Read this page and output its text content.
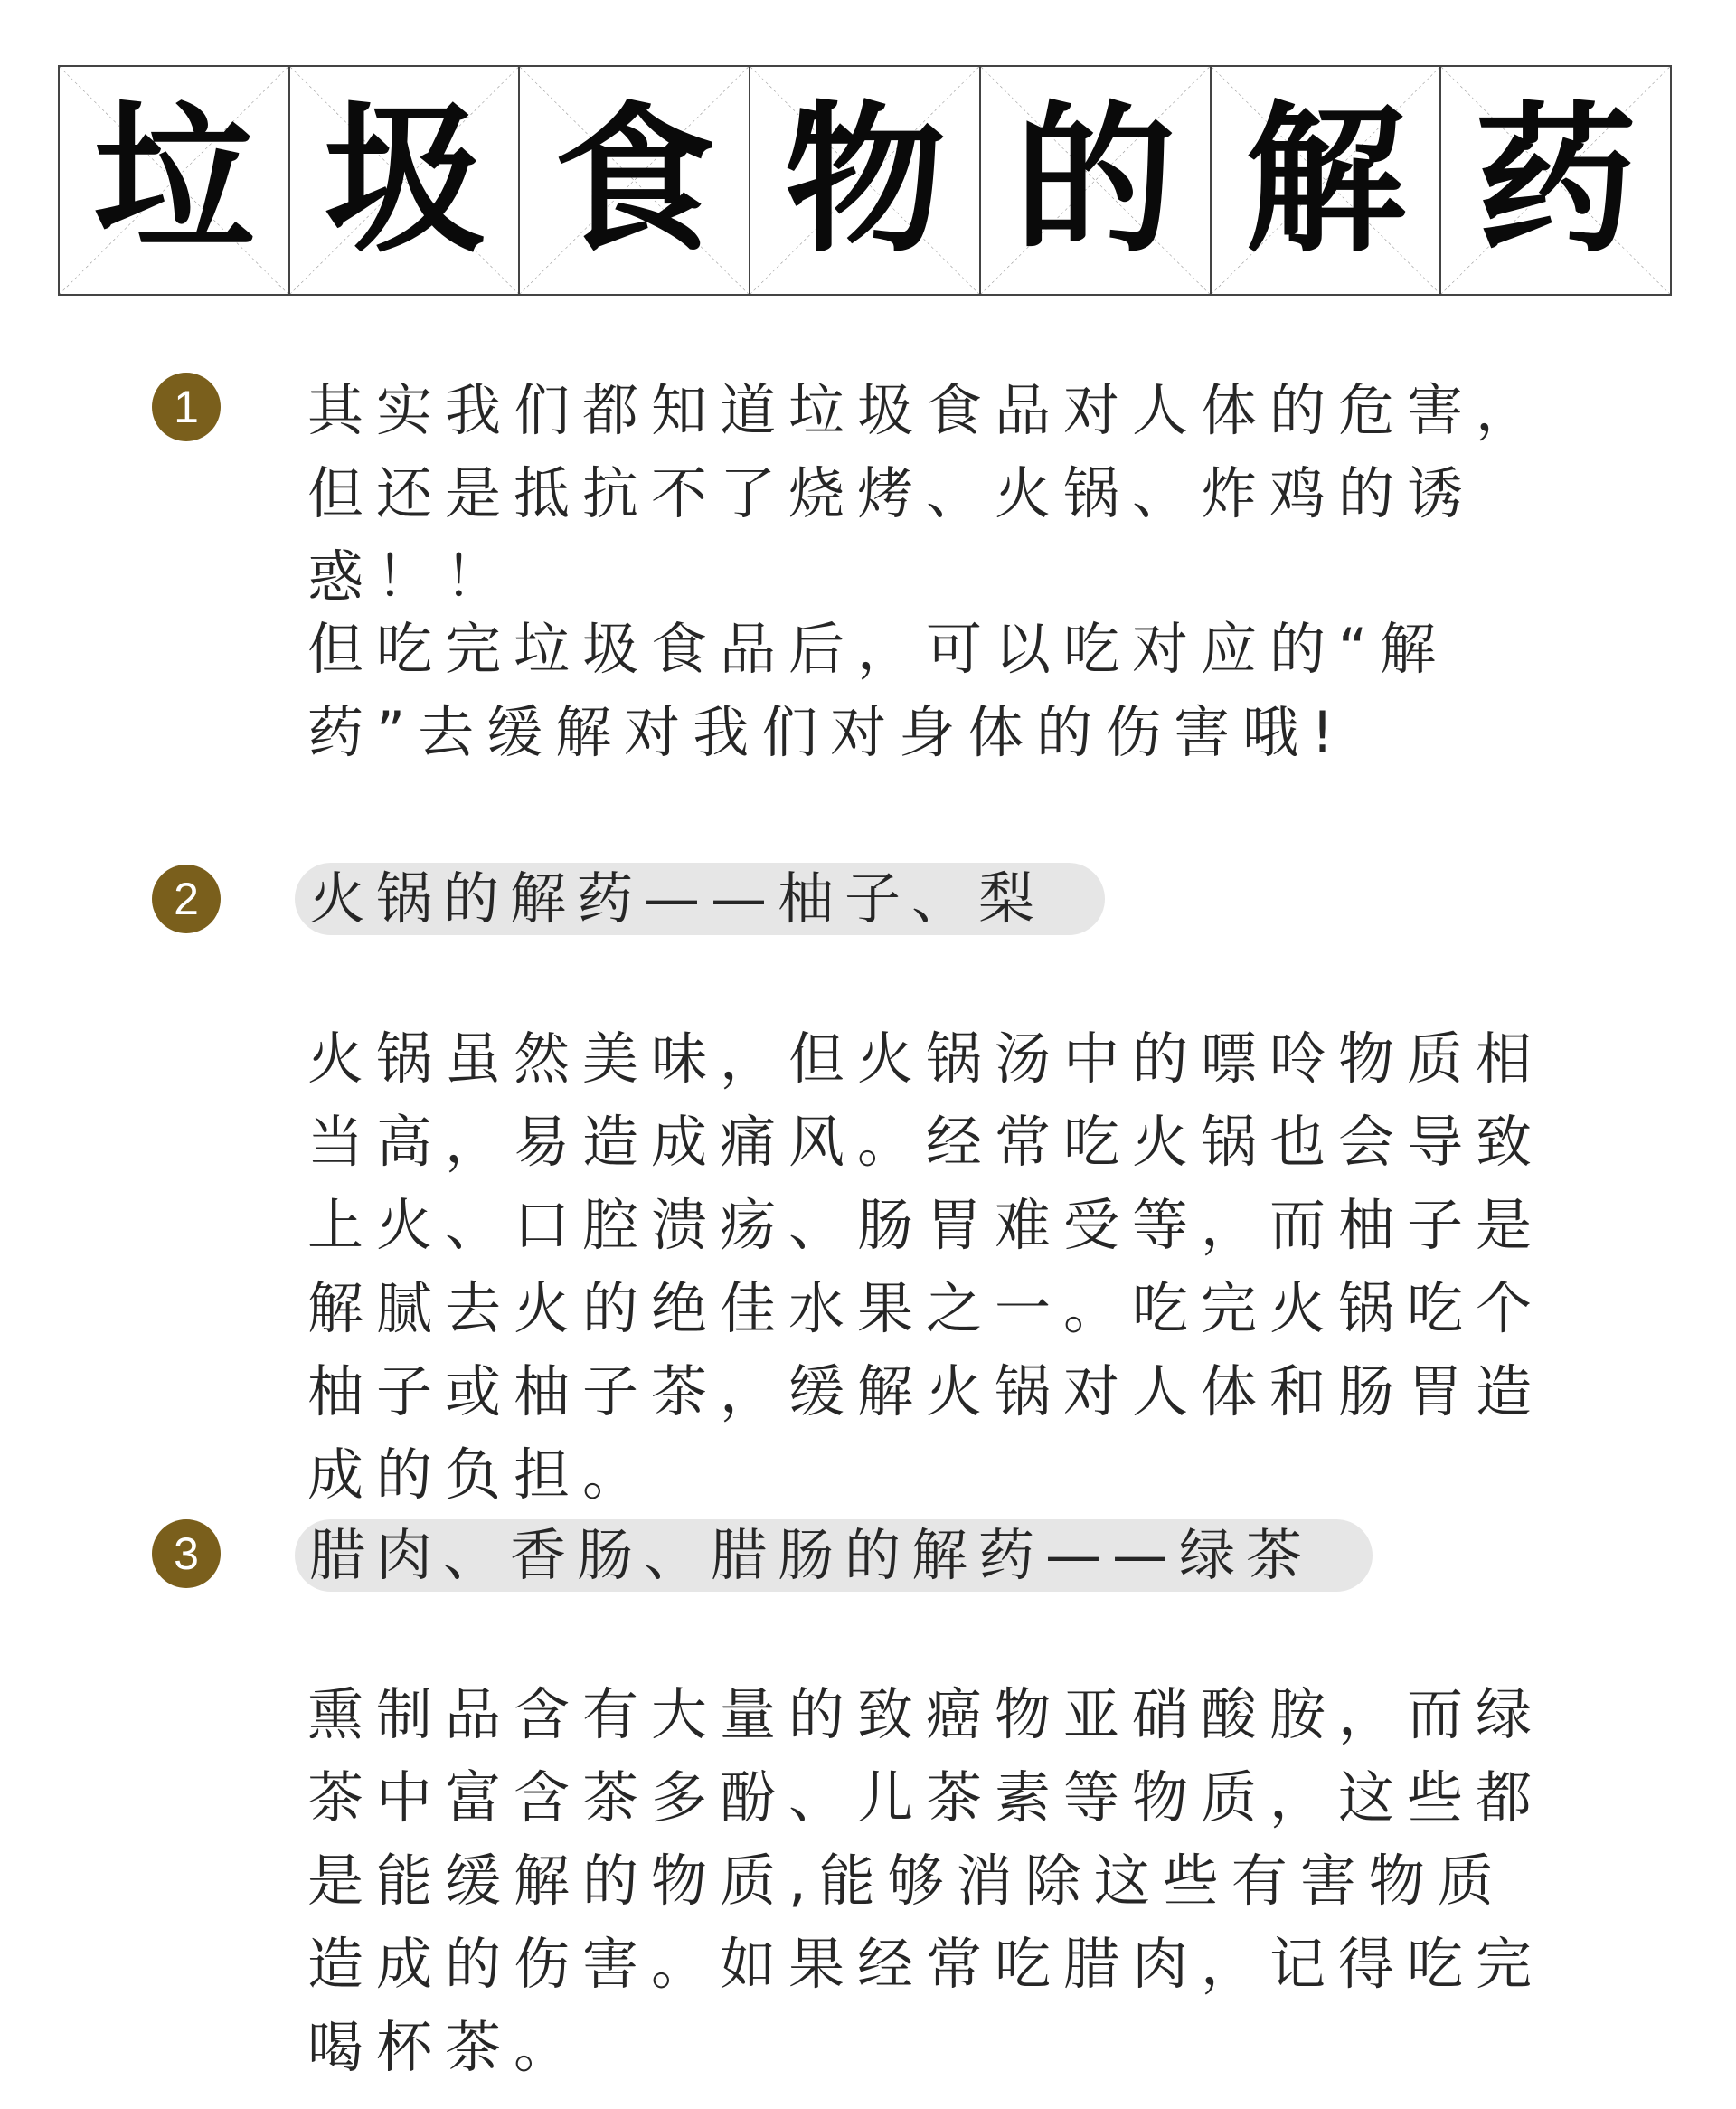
垃 圾 食 物 的 解 药
1	其实我们都知道垃圾食品对人体的危害，但还是抵抗不了烧烤、火锅、炸鸡的诱惑！！

但吃完垃圾食品后，可以吃对应的“解药”去缓解对我们对身体的伤害哦!

2	火锅的解药——柚子、梨

火锅虽然美味，但火锅汤中的嘌呤物质相当高，易造成痛风。经常吃火锅也会导致上火、口腔溃疡、肠胃难受等，而柚子是解腻去火的绝佳水果之一。吃完火锅吃个柚子或柚子茶，缓解火锅对人体和肠胃造成的负担。

3	腊肉、香肠、腊肠的解药——绿茶

熏制品含有大量的致癌物亚硝酸胺，而绿茶中富含茶多酚、儿茶素等物质，这些都是能缓解的物质,能够消除这些有害物质造成的伤害。如果经常吃腊肉，记得吃完喝杯茶。
